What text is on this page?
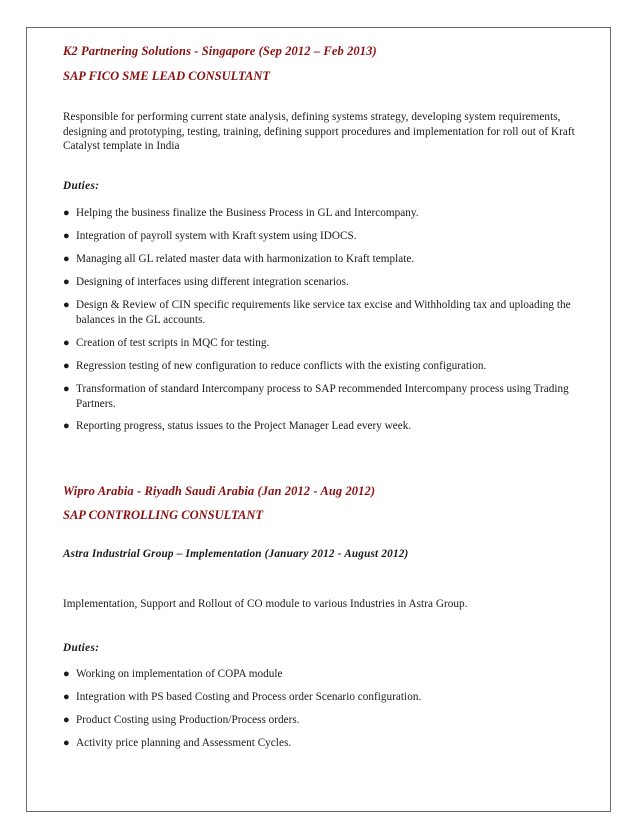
K2 Partnering Solutions - Singapore (Sep 2012 – Feb 2013)
SAP FICO SME LEAD CONSULTANT
Responsible for performing current state analysis, defining systems strategy, developing system requirements, designing and prototyping, testing, training, defining support procedures and implementation for roll out of Kraft Catalyst template in India
Duties:
● Helping the business finalize the Business Process in GL and Intercompany.
● Integration of payroll system with Kraft system using IDOCS.
● Managing all GL related master data with harmonization to Kraft template.
● Designing of interfaces using different integration scenarios.
● Design & Review of CIN specific requirements like service tax excise and Withholding tax and uploading the balances in the GL accounts.
● Creation of test scripts in MQC for testing.
● Regression testing of new configuration to reduce conflicts with the existing configuration.
● Transformation of standard Intercompany process to SAP recommended Intercompany process using Trading Partners.
● Reporting progress, status issues to the Project Manager Lead every week.
Wipro Arabia - Riyadh Saudi Arabia (Jan 2012 - Aug 2012)
SAP CONTROLLING CONSULTANT
Astra Industrial Group – Implementation (January 2012 - August 2012)
Implementation, Support and Rollout of CO module to various Industries in Astra Group.
Duties:
● Working on implementation of COPA module
● Integration with PS based Costing and Process order Scenario configuration.
● Product Costing using Production/Process orders.
● Activity price planning and Assessment Cycles.
